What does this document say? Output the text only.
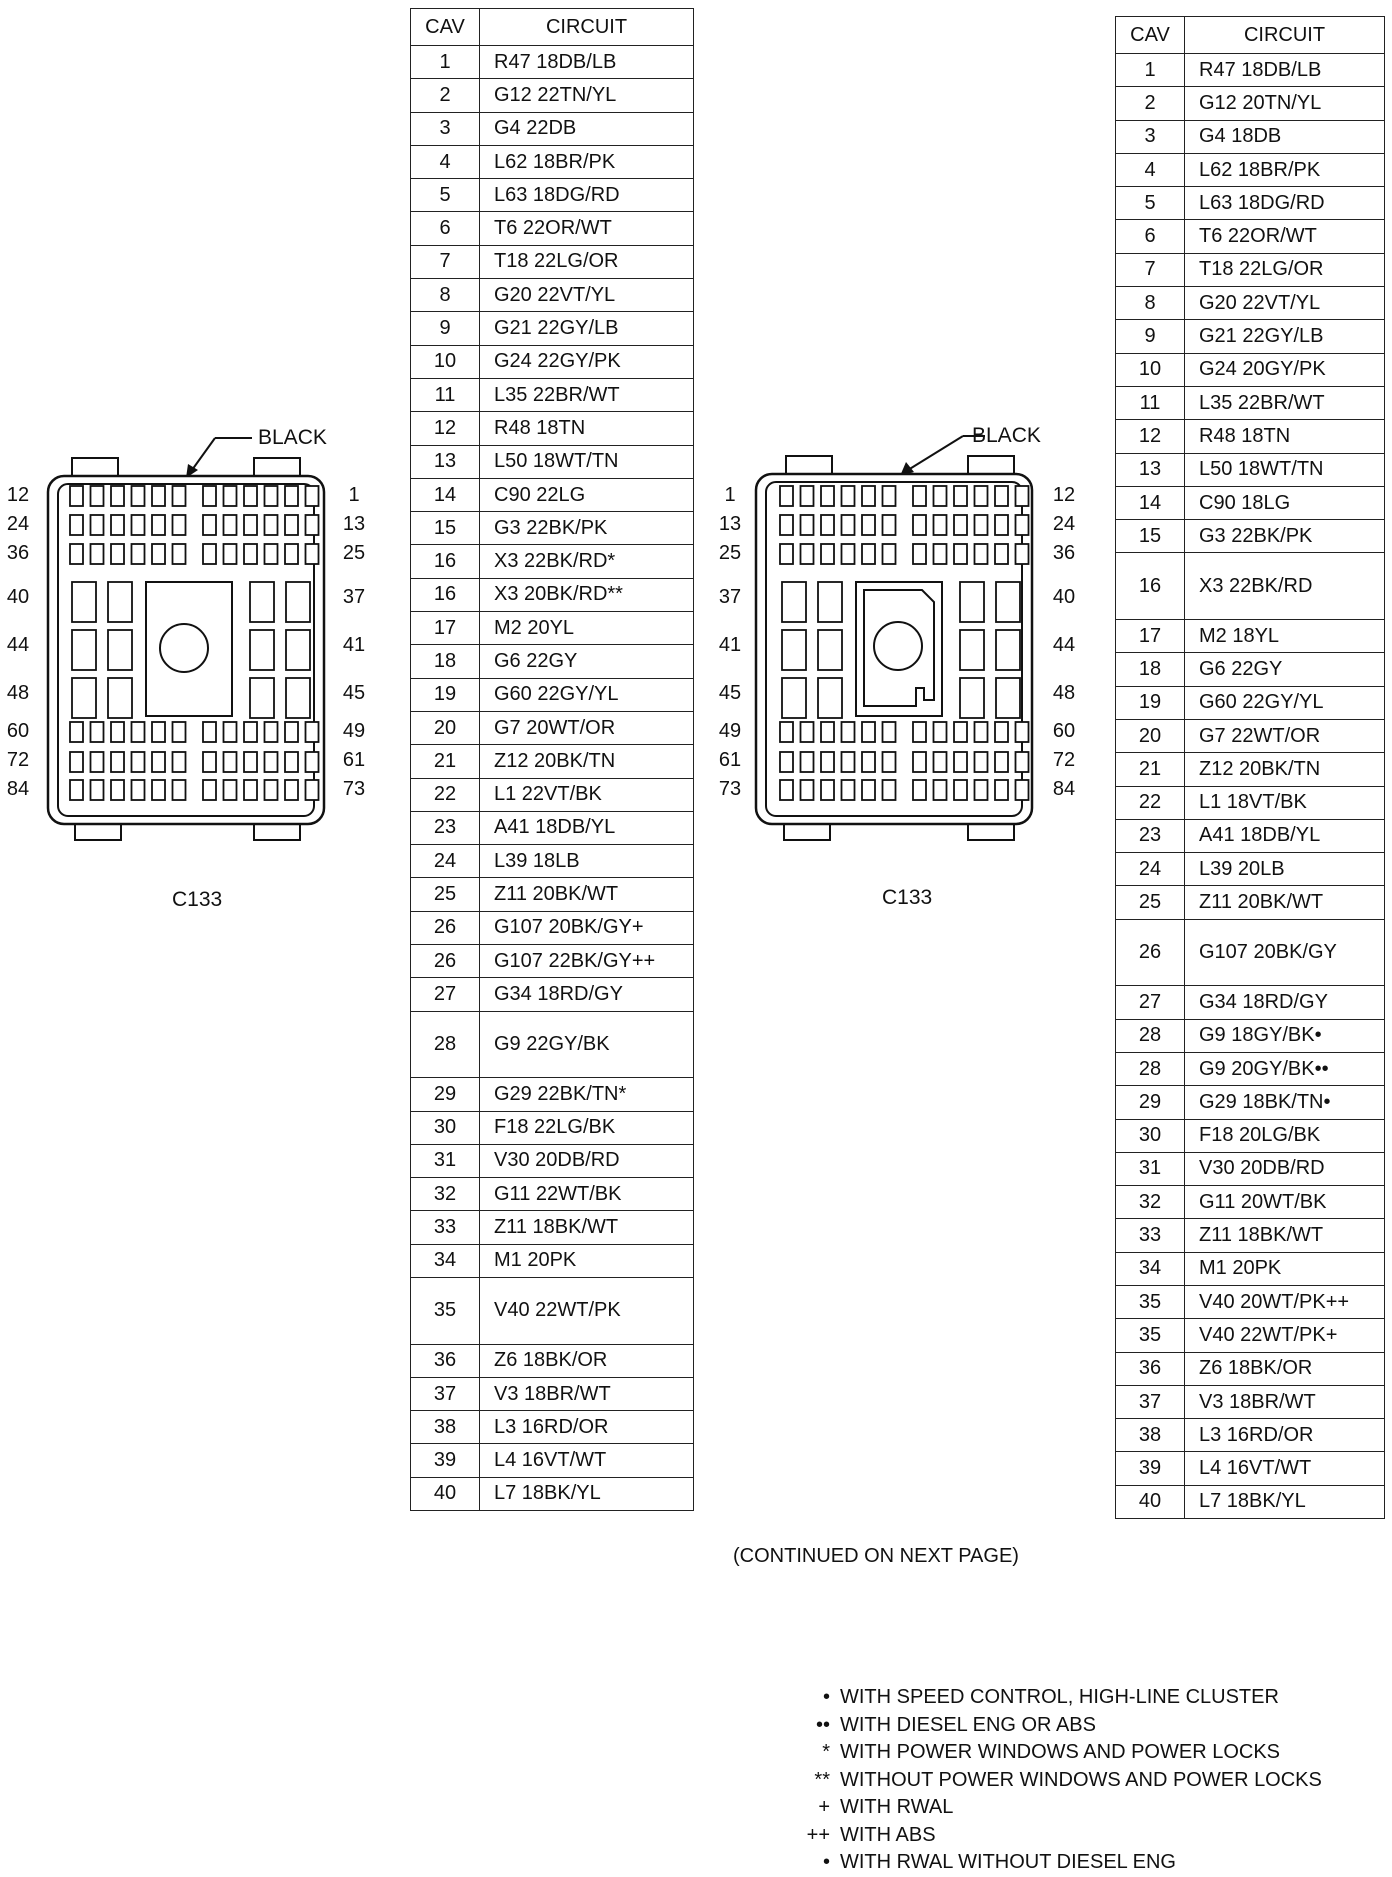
BLACK
C133
12
24
36
40
44
48
60
72
84
1
13
25
37
41
45
49
61
73
BLACK
C133
1
13
25
37
41
45
49
61
73
12
24
36
40
44
48
60
72
84
CAV	CIRCUIT
1	R47 18DB/LB
2	G12 22TN/YL
3	G4 22DB
4	L62 18BR/PK
5	L63 18DG/RD
6	T6 22OR/WT
7	T18 22LG/OR
8	G20 22VT/YL
9	G21 22GY/LB
10	G24 22GY/PK
11	L35 22BR/WT
12	R48 18TN
13	L50 18WT/TN
14	C90 22LG
15	G3 22BK/PK
16	X3 22BK/RD*
16	X3 20BK/RD**
17	M2 20YL
18	G6 22GY
19	G60 22GY/YL
20	G7 20WT/OR
21	Z12 20BK/TN
22	L1 22VT/BK
23	A41 18DB/YL
24	L39 18LB
25	Z11 20BK/WT
26	G107 20BK/GY+
26	G107 22BK/GY++
27	G34 18RD/GY
28	G9 22GY/BK
29	G29 22BK/TN*
30	F18 22LG/BK
31	V30 20DB/RD
32	G11 22WT/BK
33	Z11 18BK/WT
34	M1 20PK
35	V40 22WT/PK
36	Z6 18BK/OR
37	V3 18BR/WT
38	L3 16RD/OR
39	L4 16VT/WT
40	L7 18BK/YL
CAV	CIRCUIT
1	R47 18DB/LB
2	G12 20TN/YL
3	G4 18DB
4	L62 18BR/PK
5	L63 18DG/RD
6	T6 22OR/WT
7	T18 22LG/OR
8	G20 22VT/YL
9	G21 22GY/LB
10	G24 20GY/PK
11	L35 22BR/WT
12	R48 18TN
13	L50 18WT/TN
14	C90 18LG
15	G3 22BK/PK
16	X3 22BK/RD
17	M2 18YL
18	G6 22GY
19	G60 22GY/YL
20	G7 22WT/OR
21	Z12 20BK/TN
22	L1 18VT/BK
23	A41 18DB/YL
24	L39 20LB
25	Z11 20BK/WT
26	G107 20BK/GY
27	G34 18RD/GY
28	G9 18GY/BK•
28	G9 20GY/BK••
29	G29 18BK/TN•
30	F18 20LG/BK
31	V30 20DB/RD
32	G11 20WT/BK
33	Z11 18BK/WT
34	M1 20PK
35	V40 20WT/PK++
35	V40 22WT/PK+
36	Z6 18BK/OR
37	V3 18BR/WT
38	L3 16RD/OR
39	L4 16VT/WT
40	L7 18BK/YL
(CONTINUED ON NEXT PAGE)
• WITH SPEED CONTROL, HIGH-LINE CLUSTER
•• WITH DIESEL ENG OR ABS
* WITH POWER WINDOWS AND POWER LOCKS
** WITHOUT POWER WINDOWS AND POWER LOCKS
+ WITH RWAL
++ WITH ABS
• WITH RWAL WITHOUT DIESEL ENG
